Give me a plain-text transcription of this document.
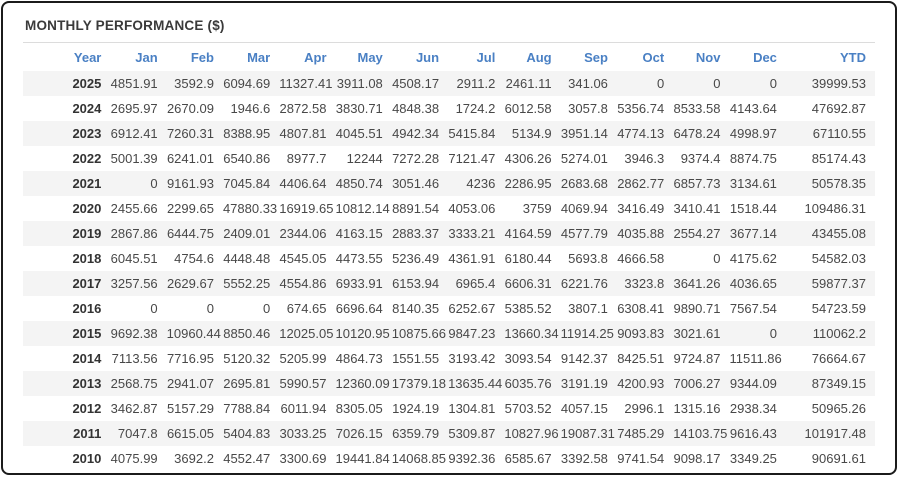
MONTHLY PERFORMANCE ($)
Year	Jan	Feb	Mar	Apr	May	Jun	Jul	Aug	Sep	Oct	Nov	Dec	YTD
2025	4851.91	3592.9	6094.69	11327.41	3911.08	4508.17	2911.2	2461.11	341.06	0	0	0	39999.53
2024	2695.97	2670.09	1946.6	2872.58	3830.71	4848.38	1724.2	6012.58	3057.8	5356.74	8533.58	4143.64	47692.87
2023	6912.41	7260.31	8388.95	4807.81	4045.51	4942.34	5415.84	5134.9	3951.14	4774.13	6478.24	4998.97	67110.55
2022	5001.39	6241.01	6540.86	8977.7	12244	7272.28	7121.47	4306.26	5274.01	3946.3	9374.4	8874.75	85174.43
2021	0	9161.93	7045.84	4406.64	4850.74	3051.46	4236	2286.95	2683.68	2862.77	6857.73	3134.61	50578.35
2020	2455.66	2299.65	47880.33	16919.65	10812.14	8891.54	4053.06	3759	4069.94	3416.49	3410.41	1518.44	109486.31
2019	2867.86	6444.75	2409.01	2344.06	4163.15	2883.37	3333.21	4164.59	4577.79	4035.88	2554.27	3677.14	43455.08
2018	6045.51	4754.6	4448.48	4545.05	4473.55	5236.49	4361.91	6180.44	5693.8	4666.58	0	4175.62	54582.03
2017	3257.56	2629.67	5552.25	4554.86	6933.91	6153.94	6965.4	6606.31	6221.76	3323.8	3641.26	4036.65	59877.37
2016	0	0	0	674.65	6696.64	8140.35	6252.67	5385.52	3807.1	6308.41	9890.71	7567.54	54723.59
2015	9692.38	10960.44	8850.46	12025.05	10120.95	10875.66	9847.23	13660.34	11914.25	9093.83	3021.61	0	110062.2
2014	7113.56	7716.95	5120.32	5205.99	4864.73	1551.55	3193.42	3093.54	9142.37	8425.51	9724.87	11511.86	76664.67
2013	2568.75	2941.07	2695.81	5990.57	12360.09	17379.18	13635.44	6035.76	3191.19	4200.93	7006.27	9344.09	87349.15
2012	3462.87	5157.29	7788.84	6011.94	8305.05	1924.19	1304.81	5703.52	4057.15	2996.1	1315.16	2938.34	50965.26
2011	7047.8	6615.05	5404.83	3033.25	7026.15	6359.79	5309.87	10827.96	19087.31	7485.29	14103.75	9616.43	101917.48
2010	4075.99	3692.2	4552.47	3300.69	19441.84	14068.85	9392.36	6585.67	3392.58	9741.54	9098.17	3349.25	90691.61
